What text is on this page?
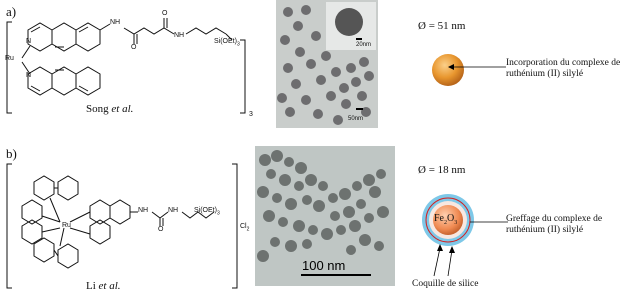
a)
Ru
N
N
NH
O
O
NH
$Si(OEt)_3$
3
Song et al.
20nm
50nm
Ø = 51 nm
Incorporation du complexe de ruthénium (II) silylé
b)
Ru
NH	NH
O
$Si(OEt)_3$
$Cl_2$
Li et al.
100 nm
Ø = 18 nm
$Fe_2O_3$	Greffage du complexe de ruthénium (II) silylé
Coquille de silice
